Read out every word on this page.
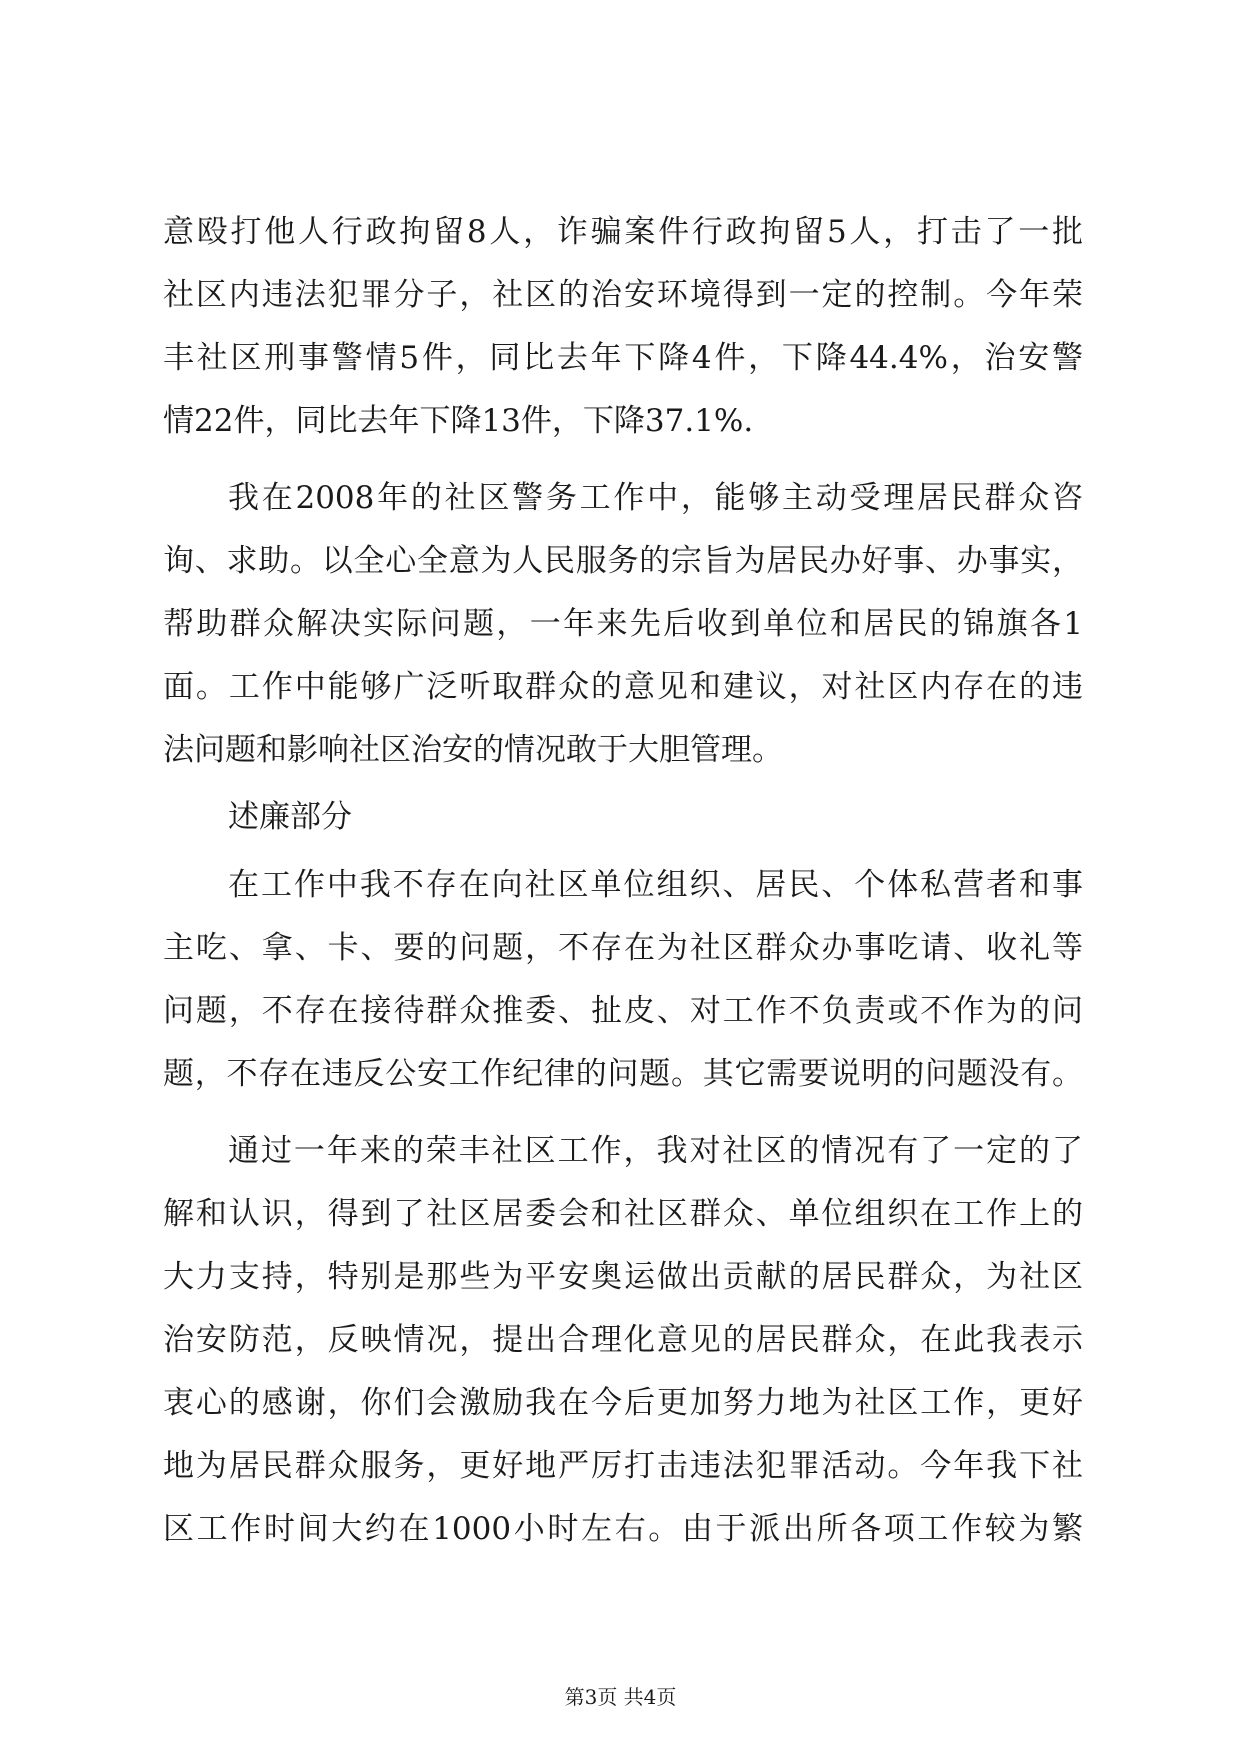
意殴打他人行政拘留8人，诈骗案件行政拘留5人，打击了一批
社区内违法犯罪分子，社区的治安环境得到一定的控制。今年荣
丰社区刑事警情5件，同比去年下降4件，下降44.4%，治安警
情22件，同比去年下降13件，下降37.1%.
我在2008年的社区警务工作中，能够主动受理居民群众咨
询、求助。以全心全意为人民服务的宗旨为居民办好事、办事实，
帮助群众解决实际问题，一年来先后收到单位和居民的锦旗各1
面。工作中能够广泛听取群众的意见和建议，对社区内存在的违
法问题和影响社区治安的情况敢于大胆管理。
述廉部分
在工作中我不存在向社区单位组织、居民、个体私营者和事
主吃、拿、卡、要的问题，不存在为社区群众办事吃请、收礼等
问题，不存在接待群众推委、扯皮、对工作不负责或不作为的问
题，不存在违反公安工作纪律的问题。其它需要说明的问题没有。
通过一年来的荣丰社区工作，我对社区的情况有了一定的了
解和认识，得到了社区居委会和社区群众、单位组织在工作上的
大力支持，特别是那些为平安奥运做出贡献的居民群众，为社区
治安防范，反映情况，提出合理化意见的居民群众，在此我表示
衷心的感谢，你们会激励我在今后更加努力地为社区工作，更好
地为居民群众服务，更好地严厉打击违法犯罪活动。今年我下社
区工作时间大约在1000小时左右。由于派出所各项工作较为繁
第3页 共4页
